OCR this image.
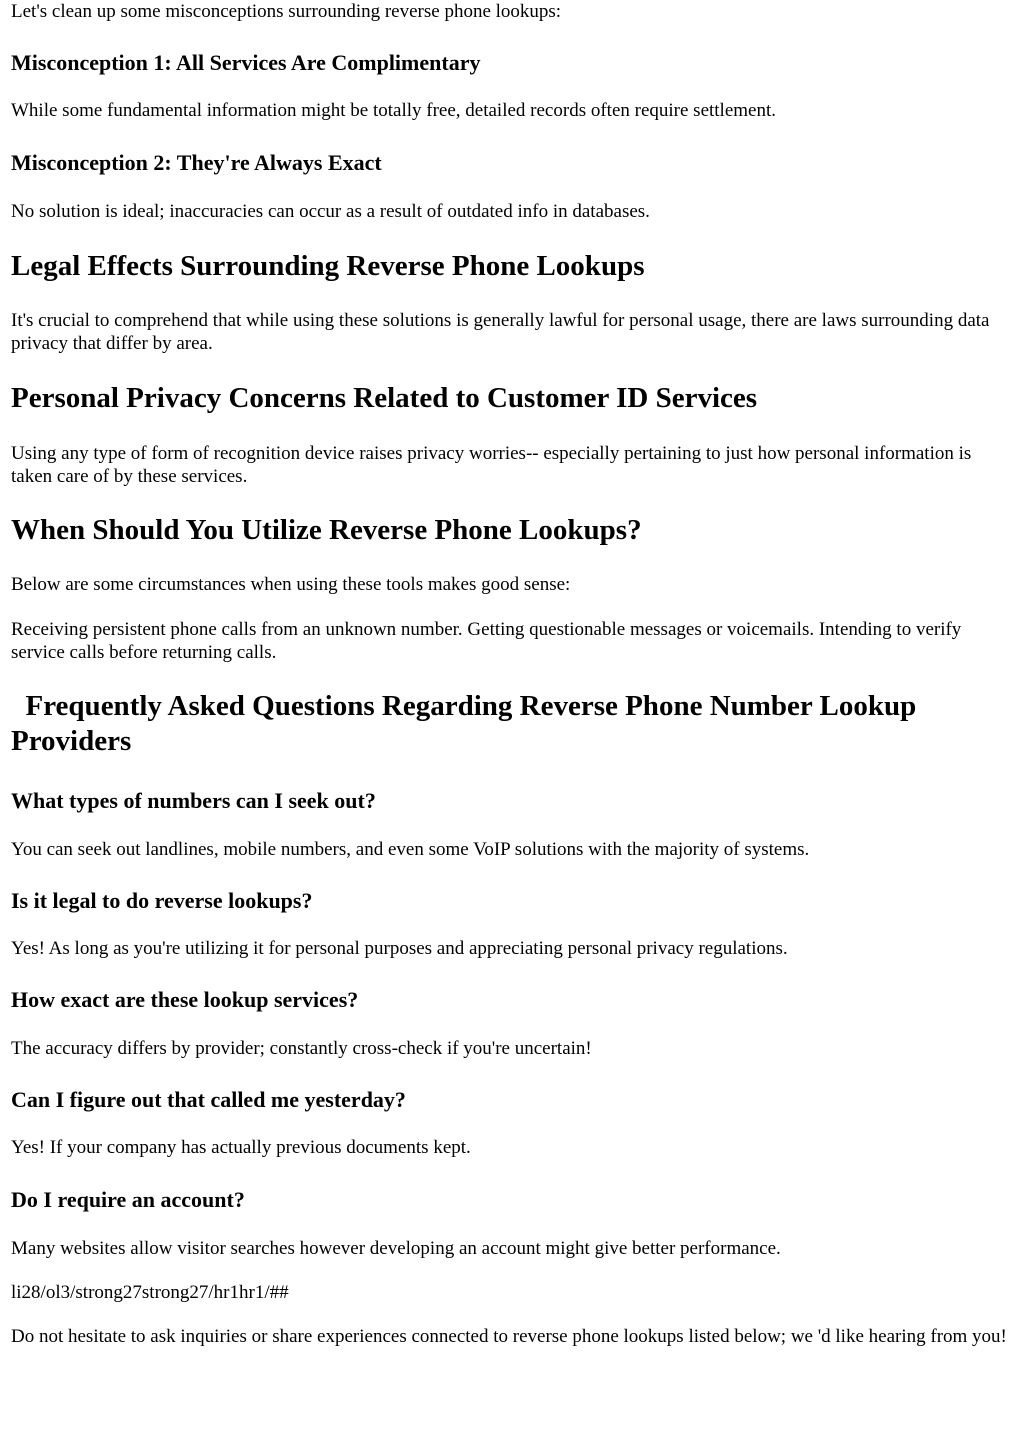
Let's clean up some misconceptions surrounding reverse phone lookups:

Misconception 1: All Services Are Complimentary

While some fundamental information might be totally free, detailed records often require settlement.

Misconception 2: They're Always Exact

No solution is ideal; inaccuracies can occur as a result of outdated info in databases.

Legal Effects Surrounding Reverse Phone Lookups

It's crucial to comprehend that while using these solutions is generally lawful for personal usage, there are laws surrounding data privacy that differ by area.

Personal Privacy Concerns Related to Customer ID Services

Using any type of form of recognition device raises privacy worries-- especially pertaining to just how personal information is taken care of by these services.

When Should You Utilize Reverse Phone Lookups?

Below are some circumstances when using these tools makes good sense:

Receiving persistent phone calls from an unknown number. Getting questionable messages or voicemails. Intending to verify service calls before returning calls.

Frequently Asked Questions Regarding Reverse Phone Number Lookup Providers
What types of numbers can I seek out?

You can seek out landlines, mobile numbers, and even some VoIP solutions with the majority of systems.

Is it legal to do reverse lookups?

Yes! As long as you're utilizing it for personal purposes and appreciating personal privacy regulations.

How exact are these lookup services?

The accuracy differs by provider; constantly cross-check if you're uncertain!

Can I figure out that called me yesterday?

Yes! If your company has actually previous documents kept.

Do I require an account?

Many websites allow visitor searches however developing an account might give better performance.

li28/ol3/strong27strong27/hr1hr1/##

Do not hesitate to ask inquiries or share experiences connected to reverse phone lookups listed below; we 'd like hearing from you!
